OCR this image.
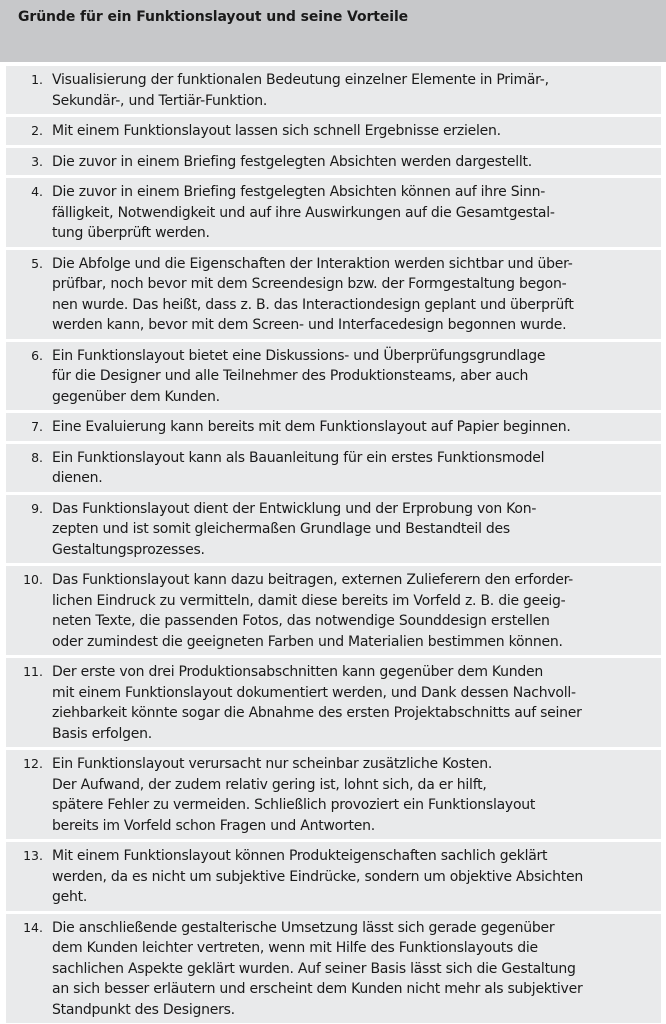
Gründe für ein Funktionslayout und seine Vorteile
1. Visualisierung der funktionalen Bedeutung einzelner Elemente in Primär-,
Sekundär-, und Tertiär-Funktion.
2. Mit einem Funktionslayout lassen sich schnell Ergebnisse erzielen.
3. Die zuvor in einem Briefing festgelegten Absichten werden dargestellt.
4. Die zuvor in einem Briefing festgelegten Absichten können auf ihre Sinn-
fälligkeit, Notwendigkeit und auf ihre Auswirkungen auf die Gesamtgestal-
tung überprüft werden.
5. Die Abfolge und die Eigenschaften der Interaktion werden sichtbar und über-
prüfbar, noch bevor mit dem Screendesign bzw. der Formgestaltung begon-
nen wurde. Das heißt, dass z. B. das Interactiondesign geplant und überprüft
werden kann, bevor mit dem Screen- und Interfacedesign begonnen wurde.
6. Ein Funktionslayout bietet eine Diskussions- und Überprüfungsgrundlage
für die Designer und alle Teilnehmer des Produktionsteams, aber auch
gegenüber dem Kunden.
7. Eine Evaluierung kann bereits mit dem Funktionslayout auf Papier beginnen.
8. Ein Funktionslayout kann als Bauanleitung für ein erstes Funktionsmodel
dienen.
9. Das Funktionslayout dient der Entwicklung und der Erprobung von Kon-
zepten und ist somit gleichermaßen Grundlage und Bestandteil des
Gestaltungsprozesses.
10. Das Funktionslayout kann dazu beitragen, externen Zulieferern den erforder-
lichen Eindruck zu vermitteln, damit diese bereits im Vorfeld z. B. die geeig-
neten Texte, die passenden Fotos, das notwendige Sounddesign erstellen
oder zumindest die geeigneten Farben und Materialien bestimmen können.
11. Der erste von drei Produktionsabschnitten kann gegenüber dem Kunden
mit einem Funktionslayout dokumentiert werden, und Dank dessen Nachvoll-
ziehbarkeit könnte sogar die Abnahme des ersten Projektabschnitts auf seiner
Basis erfolgen.
12. Ein Funktionslayout verursacht nur scheinbar zusätzliche Kosten.
Der Aufwand, der zudem relativ gering ist, lohnt sich, da er hilft,
spätere Fehler zu vermeiden. Schließlich provoziert ein Funktionslayout
bereits im Vorfeld schon Fragen und Antworten.
13. Mit einem Funktionslayout können Produkteigenschaften sachlich geklärt
werden, da es nicht um subjektive Eindrücke, sondern um objektive Absichten
geht.
14. Die anschließende gestalterische Umsetzung lässt sich gerade gegenüber
dem Kunden leichter vertreten, wenn mit Hilfe des Funktionslayouts die
sachlichen Aspekte geklärt wurden. Auf seiner Basis lässt sich die Gestaltung
an sich besser erläutern und erscheint dem Kunden nicht mehr als subjektiver
Standpunkt des Designers.
